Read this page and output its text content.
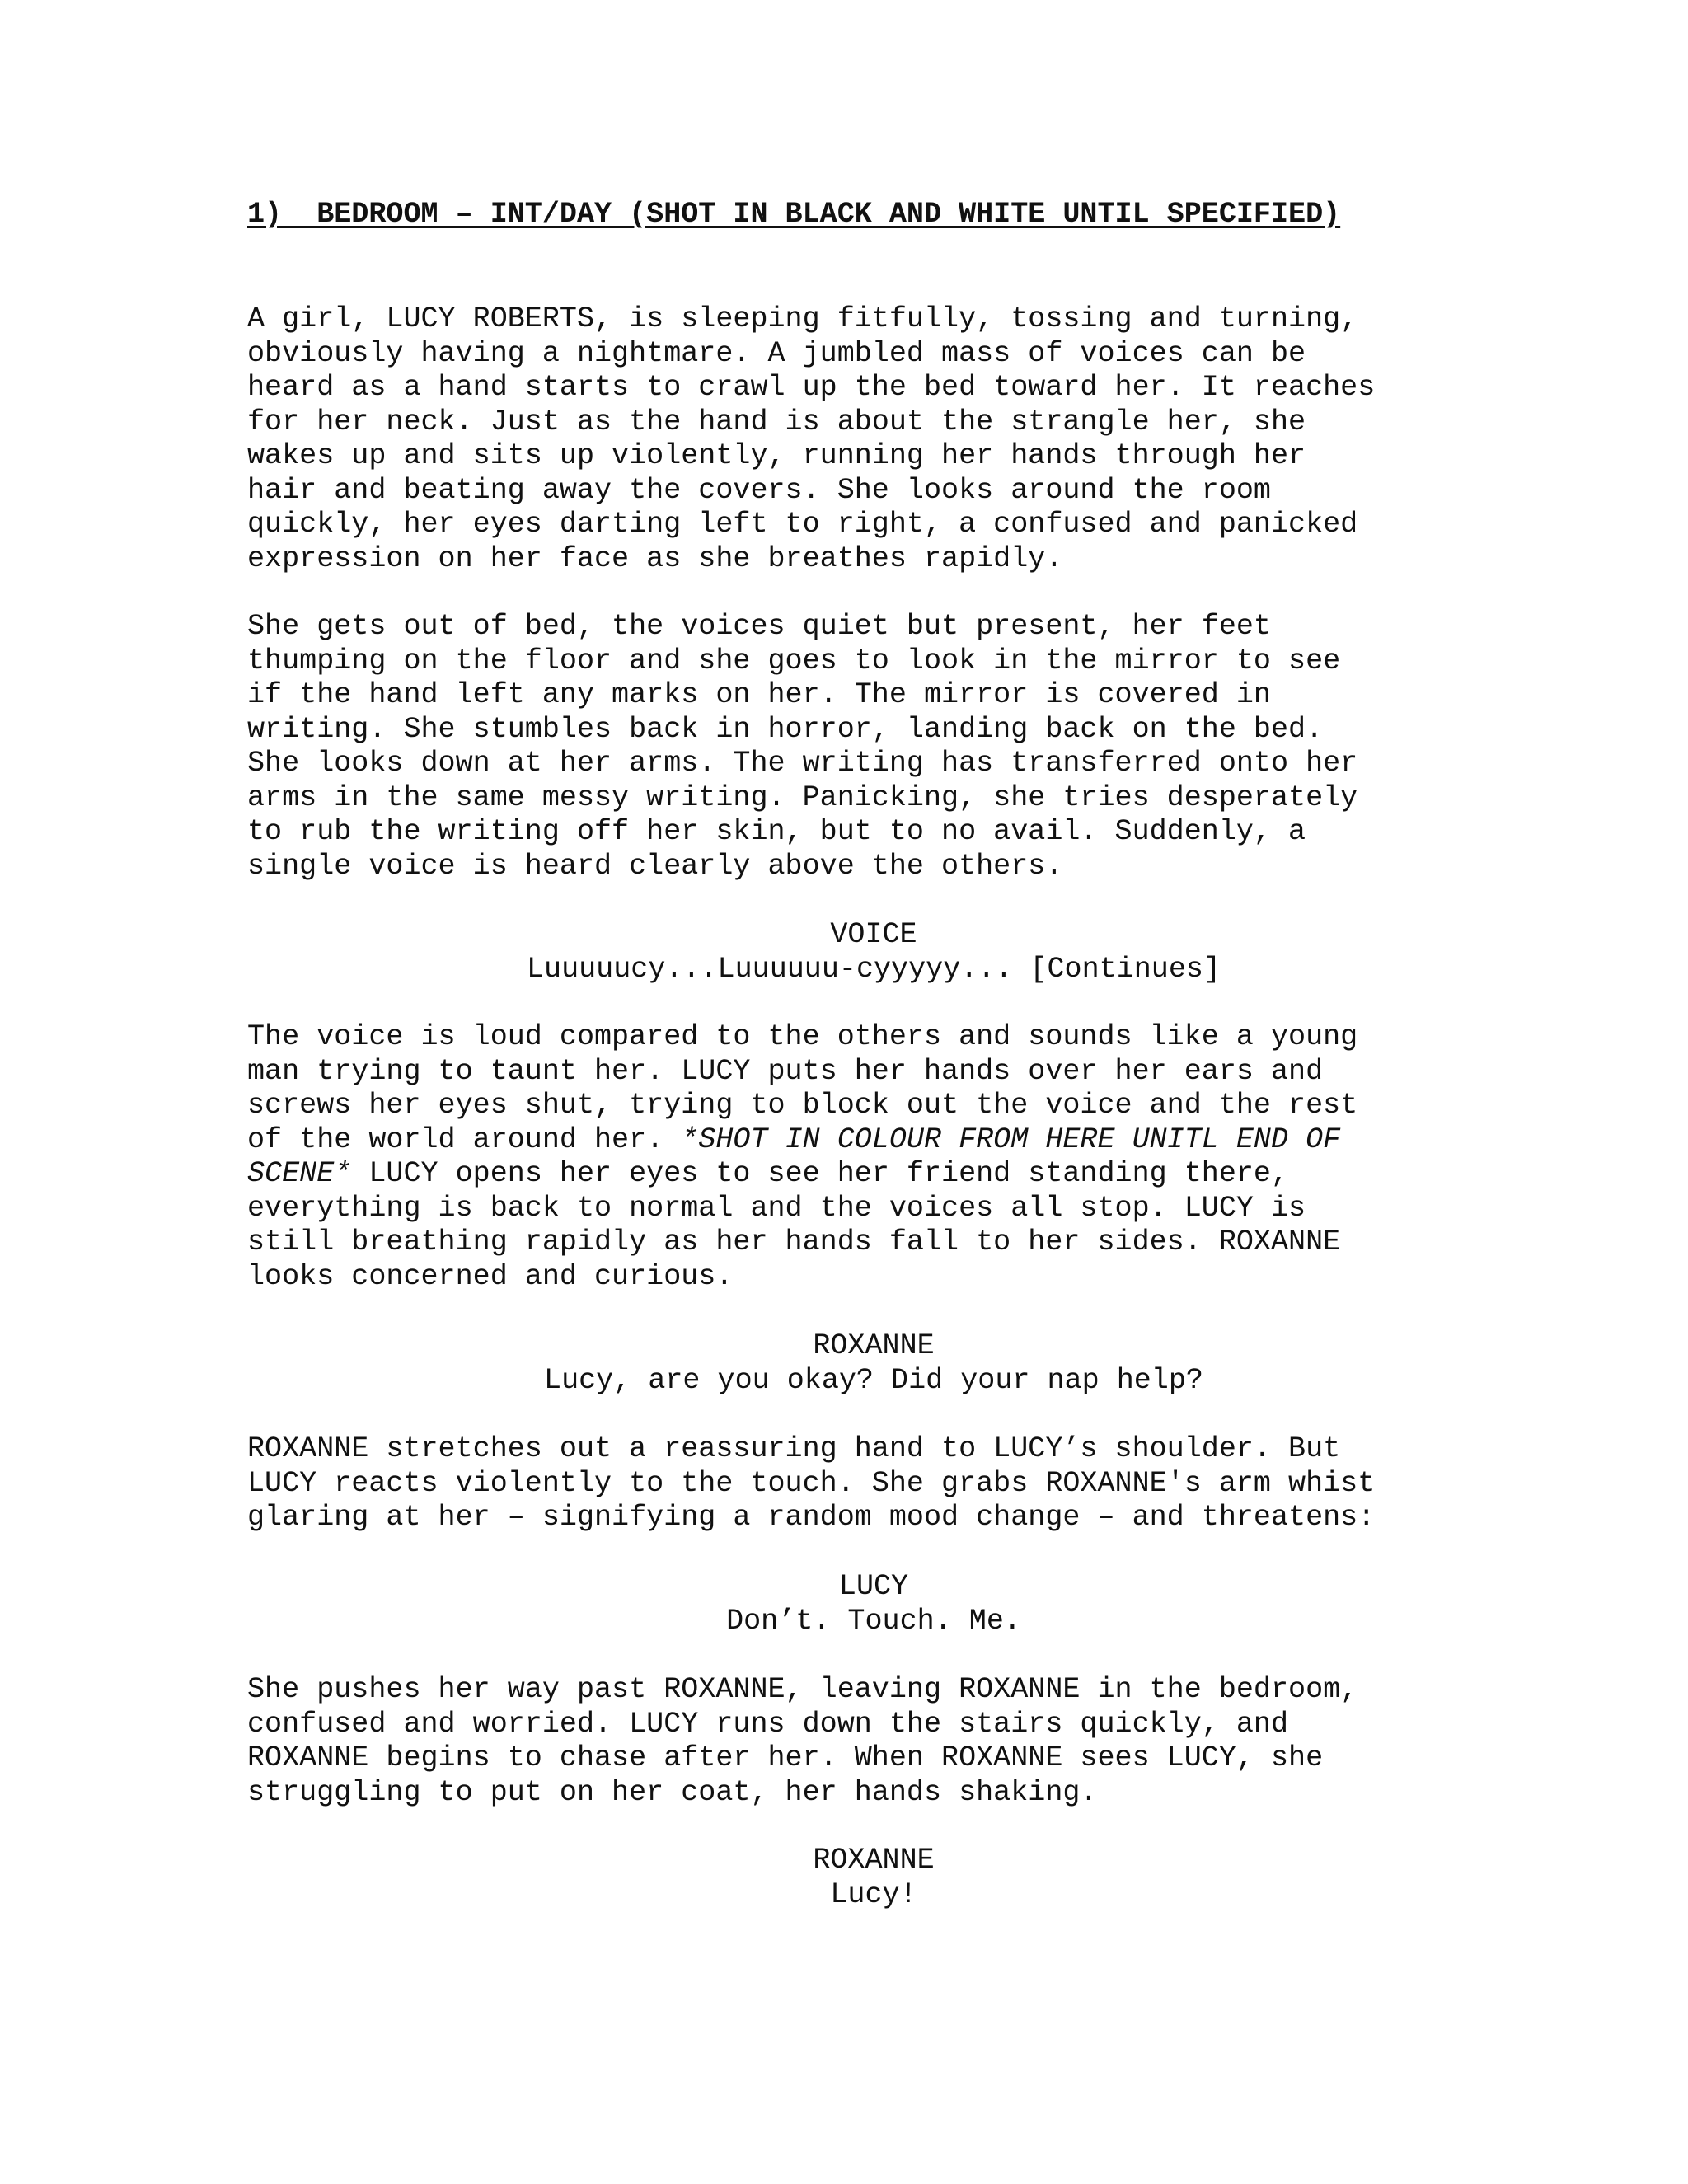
1)  BEDROOM – INT/DAY (SHOT IN BLACK AND WHITE UNTIL SPECIFIED)
A girl, LUCY ROBERTS, is sleeping fitfully, tossing and turning,
obviously having a nightmare. A jumbled mass of voices can be
heard as a hand starts to crawl up the bed toward her. It reaches
for her neck. Just as the hand is about the strangle her, she
wakes up and sits up violently, running her hands through her
hair and beating away the covers. She looks around the room
quickly, her eyes darting left to right, a confused and panicked
expression on her face as she breathes rapidly.
She gets out of bed, the voices quiet but present, her feet
thumping on the floor and she goes to look in the mirror to see
if the hand left any marks on her. The mirror is covered in
writing. She stumbles back in horror, landing back on the bed.
She looks down at her arms. The writing has transferred onto her
arms in the same messy writing. Panicking, she tries desperately
to rub the writing off her skin, but to no avail. Suddenly, a
single voice is heard clearly above the others.
VOICE
Luuuuucy...Luuuuuu-cyyyyy... [Continues]
The voice is loud compared to the others and sounds like a young
man trying to taunt her. LUCY puts her hands over her ears and
screws her eyes shut, trying to block out the voice and the rest
of the world around her. *SHOT IN COLOUR FROM HERE UNITL END OF
SCENE* LUCY opens her eyes to see her friend standing there,
everything is back to normal and the voices all stop. LUCY is
still breathing rapidly as her hands fall to her sides. ROXANNE
looks concerned and curious.
ROXANNE
Lucy, are you okay? Did your nap help?
ROXANNE stretches out a reassuring hand to LUCY’s shoulder. But
LUCY reacts violently to the touch. She grabs ROXANNE's arm whist
glaring at her – signifying a random mood change – and threatens:
LUCY
Don’t. Touch. Me.
She pushes her way past ROXANNE, leaving ROXANNE in the bedroom,
confused and worried. LUCY runs down the stairs quickly, and
ROXANNE begins to chase after her. When ROXANNE sees LUCY, she
struggling to put on her coat, her hands shaking.
ROXANNE
Lucy!
